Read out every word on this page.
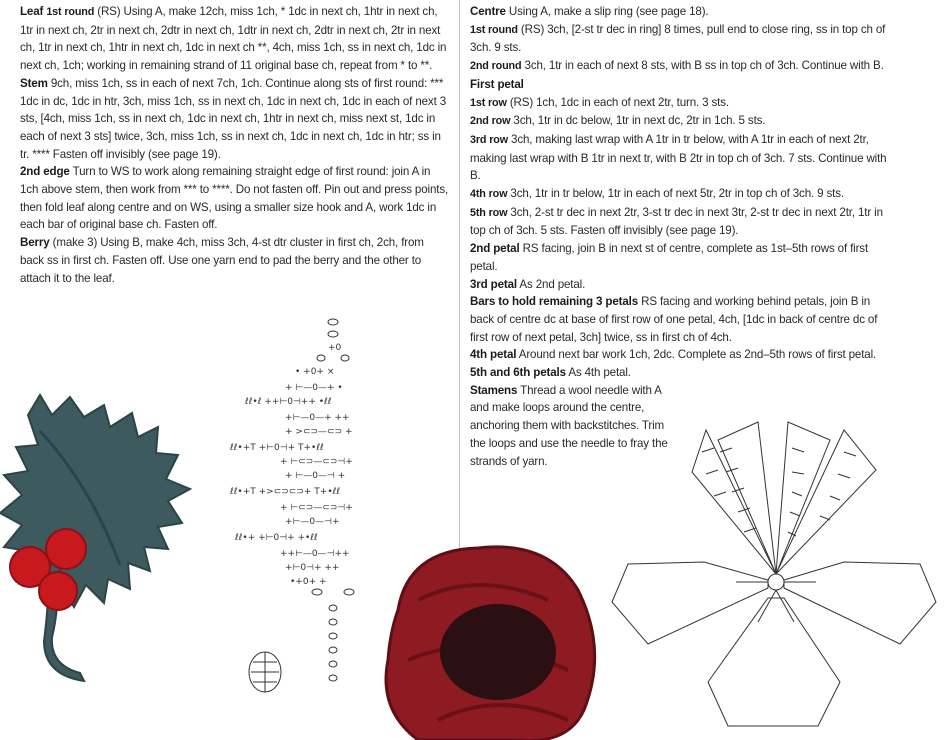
Leaf 1st round (RS) Using A, make 12ch, miss 1ch, * 1dc in next ch, 1htr in next ch, 1tr in next ch, 2tr in next ch, 2dtr in next ch, 1dtr in next ch, 2dtr in next ch, 2tr in next ch, 1tr in next ch, 1htr in next ch, 1dc in next ch **, 4ch, miss 1ch, ss in next ch, 1dc in next ch, 1ch; working in remaining strand of 11 original base ch, repeat from * to **.

Stem 9ch, miss 1ch, ss in each of next 7ch, 1ch. Continue along sts of first round: *** 1dc in dc, 1dc in htr, 3ch, miss 1ch, ss in next ch, 1dc in next ch, 1dc in each of next 3 sts, [4ch, miss 1ch, ss in next ch, 1dc in next ch, 1htr in next ch, miss next st, 1dc in each of next 3 sts] twice, 3ch, miss 1ch, ss in next ch, 1dc in next ch, 1dc in htr; ss in tr. **** Fasten off invisibly (see page 19).

2nd edge Turn to WS to work along remaining straight edge of first round: join A in 1ch above stem, then work from *** to ****. Do not fasten off. Pin out and press points, then fold leaf along centre and on WS, using a smaller size hook and A, work 1dc in each bar of original base ch. Fasten off.

Berry (make 3) Using B, make 4ch, miss 3ch, 4-st dtr cluster in first ch, 2ch, from back ss in first ch. Fasten off. Use one yarn end to pad the berry and the other to attach it to the leaf.

Centre Using A, make a slip ring (see page 18).

1st round (RS) 3ch, [2-st tr dec in ring] 8 times, pull end to close ring, ss in top ch of 3ch. 9 sts.

2nd round 3ch, 1tr in each of next 8 sts, with B ss in top ch of 3ch. Continue with B.

First petal

1st row (RS) 1ch, 1dc in each of next 2tr, turn. 3 sts.

2nd row 3ch, 1tr in dc below, 1tr in next dc, 2tr in 1ch. 5 sts.

3rd row 3ch, making last wrap with A 1tr in tr below, with A 1tr in each of next 2tr, making last wrap with B 1tr in next tr, with B 2tr in top ch of 3ch. 7 sts. Continue with B.

4th row 3ch, 1tr in tr below, 1tr in each of next 5tr, 2tr in top ch of 3ch. 9 sts.

5th row 3ch, 2-st tr dec in next 2tr, 3-st tr dec in next 3tr, 2-st tr dec in next 2tr, 1tr in top ch of 3ch. 5 sts. Fasten off invisibly (see page 19).

2nd petal RS facing, join B in next st of centre, complete as 1st–5th rows of first petal.

3rd petal As 2nd petal.

Bars to hold remaining 3 petals RS facing and working behind petals, join B in back of centre dc at base of first row of one petal, 4ch, [1dc in back of centre dc of first row of next petal, 3ch] twice, ss in first ch of 4ch.

4th petal Around next bar work 1ch, 2dc. Complete as 2nd–5th rows of first petal.

5th and 6th petals As 4th petal.

Stamens Thread a wool needle with A and make loops around the centre, anchoring them with backstitches. Trim the loops and use the needle to fray the strands of yarn.

+0
• +0+ ×
+ ⊢—0—+ •
ℓℓ•ℓ ++⊢0⊣++ •ℓℓ
+⊢—0—+ ++
+ >⊂⊃—⊂⊃ +
ℓℓ•+T +⊢0⊣+ T+•ℓℓ
+ ⊢⊂⊃—⊂⊃⊣+
+ ⊢—0—⊣ +
ℓℓ•+T +>⊂⊃⊂⊃+ T+•ℓℓ
+ ⊢⊂⊃—⊂⊃⊣+
+⊢—0—⊣+
ℓℓ•+ +⊢0⊣+ +•ℓℓ
++⊢—0—⊣++
+⊢0⊣+ ++
•+0+ +
